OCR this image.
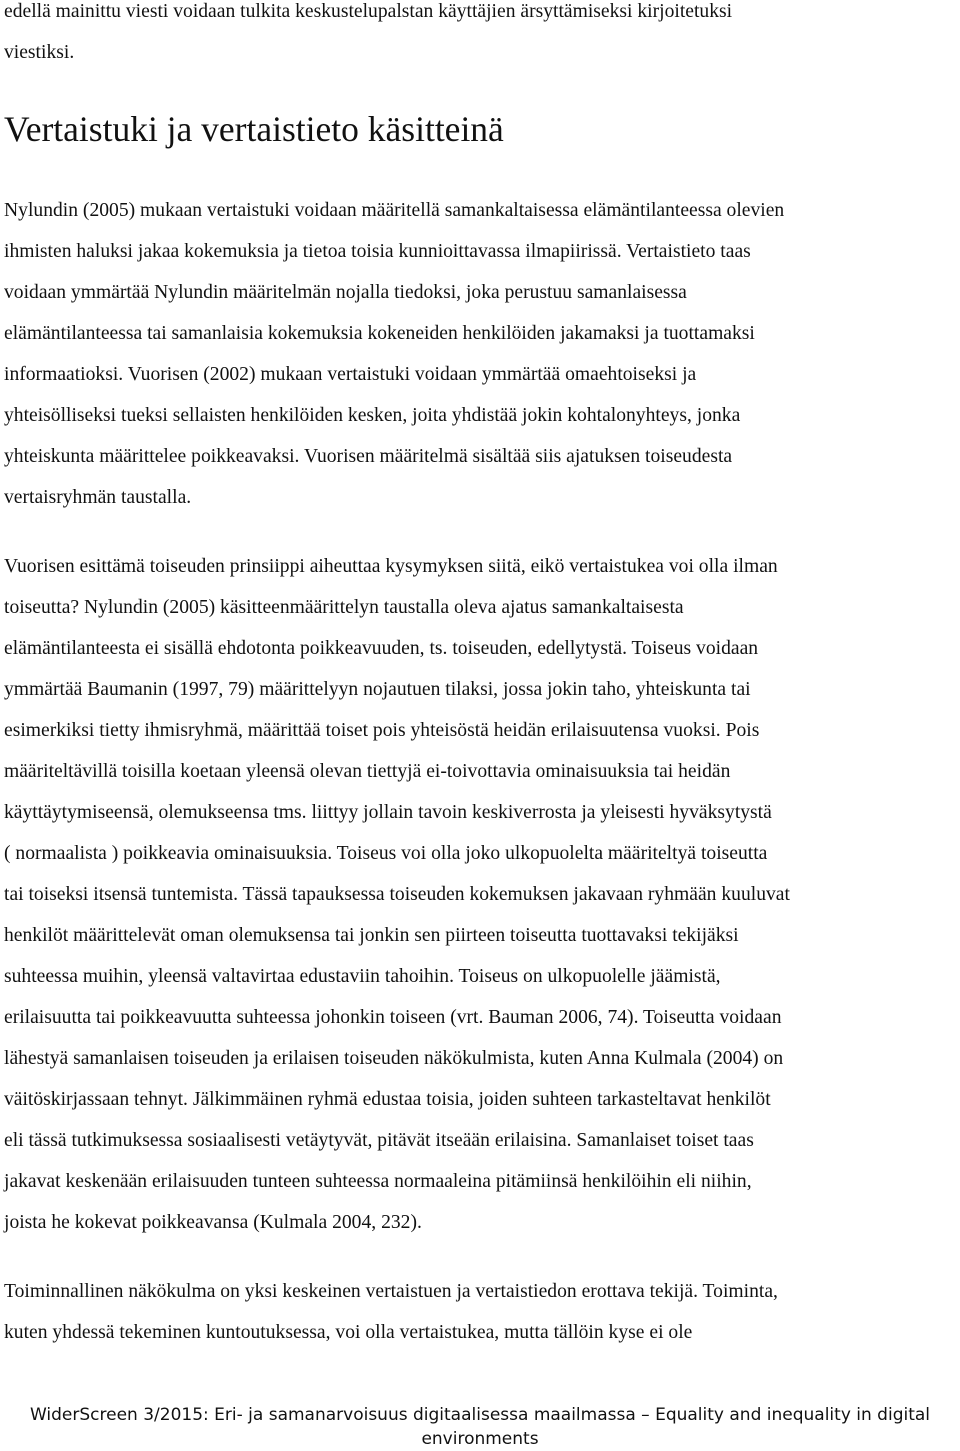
edellä mainittu viesti voidaan tulkita keskustelupalstan käyttäjien ärsyttämiseksi kirjoitetuksi
viestiksi.
Vertaistuki ja vertaistieto käsitteinä
Nylundin (2005) mukaan vertaistuki voidaan määritellä samankaltaisessa elämäntilanteessa olevien
ihmisten haluksi jakaa kokemuksia ja tietoa toisia kunnioittavassa ilmapiirissä. Vertaistieto taas
voidaan ymmärtää Nylundin määritelmän nojalla tiedoksi, joka perustuu samanlaisessa
elämäntilanteessa tai samanlaisia kokemuksia kokeneiden henkilöiden jakamaksi ja tuottamaksi
informaatioksi. Vuorisen (2002) mukaan vertaistuki voidaan ymmärtää omaehtoiseksi ja
yhteisölliseksi tueksi sellaisten henkilöiden kesken, joita yhdistää jokin kohtalonyhteys, jonka
yhteiskunta määrittelee poikkeavaksi. Vuorisen määritelmä sisältää siis ajatuksen toiseudesta
vertaisryhmän taustalla.
Vuorisen esittämä toiseuden prinsiippi aiheuttaa kysymyksen siitä, eikö vertaistukea voi olla ilman
toiseutta? Nylundin (2005) käsitteenmäärittelyn taustalla oleva ajatus samankaltaisesta
elämäntilanteesta ei sisällä ehdotonta poikkeavuuden, ts. toiseuden, edellytystä. Toiseus voidaan
ymmärtää Baumanin (1997, 79) määrittelyyn nojautuen tilaksi, jossa jokin taho, yhteiskunta tai
esimerkiksi tietty ihmisryhmä, määrittää toiset pois yhteisöstä heidän erilaisuutensa vuoksi. Pois
määriteltävillä toisilla koetaan yleensä olevan tiettyjä ei-toivottavia ominaisuuksia tai heidän
käyttäytymiseensä, olemukseensa tms. liittyy jollain tavoin keskiverrosta ja yleisesti hyväksytystä
( normaalista ) poikkeavia ominaisuuksia. Toiseus voi olla joko ulkopuolelta määriteltyä toiseutta
tai toiseksi itsensä tuntemista. Tässä tapauksessa toiseuden kokemuksen jakavaan ryhmään kuuluvat
henkilöt määrittelevät oman olemuksensa tai jonkin sen piirteen toiseutta tuottavaksi tekijäksi
suhteessa muihin, yleensä valtavirtaa edustaviin tahoihin. Toiseus on ulkopuolelle jäämistä,
erilaisuutta tai poikkeavuutta suhteessa johonkin toiseen (vrt. Bauman 2006, 74). Toiseutta voidaan
lähestyä samanlaisen toiseuden ja erilaisen toiseuden näkökulmista, kuten Anna Kulmala (2004) on
väitöskirjassaan tehnyt. Jälkimmäinen ryhmä edustaa toisia, joiden suhteen tarkasteltavat henkilöt
eli tässä tutkimuksessa sosiaalisesti vetäytyvät, pitävät itseään erilaisina. Samanlaiset toiset taas
jakavat keskenään erilaisuuden tunteen suhteessa normaaleina pitämiinsä henkilöihin eli niihin,
joista he kokevat poikkeavansa (Kulmala 2004, 232).
Toiminnallinen näkökulma on yksi keskeinen vertaistuen ja vertaistiedon erottava tekijä. Toiminta,
kuten yhdessä tekeminen kuntoutuksessa, voi olla vertaistukea, mutta tällöin kyse ei ole
WiderScreen 3/2015: Eri- ja samanarvoisuus digitaalisessa maailmassa – Equality and inequality in digital
environments
